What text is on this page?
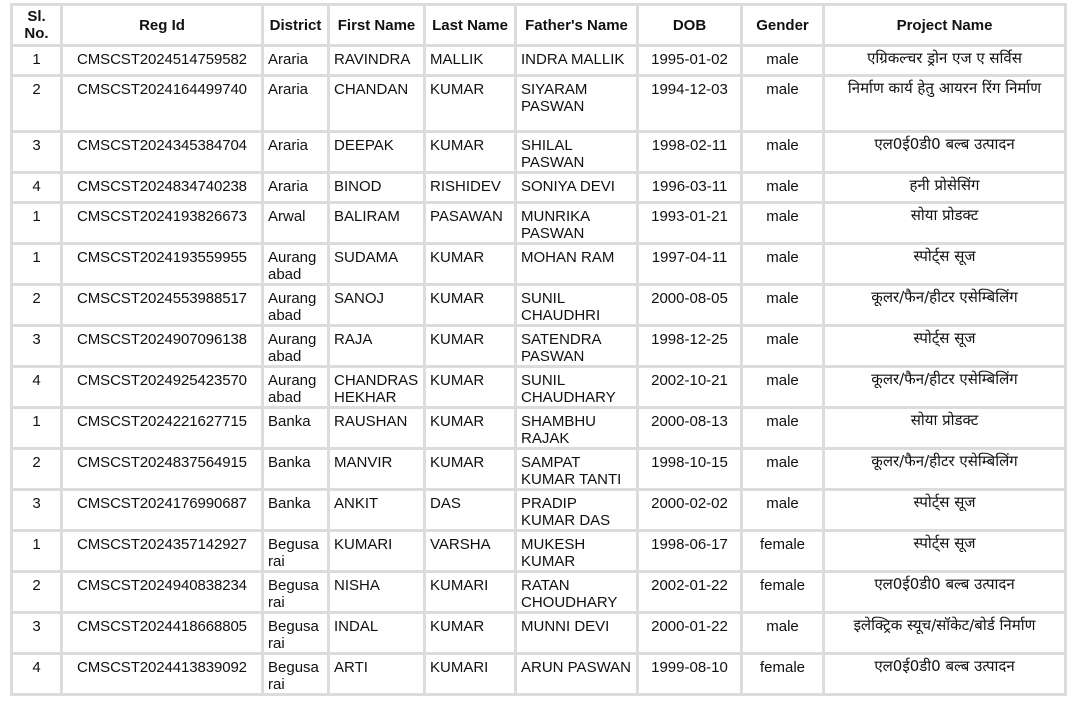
Sl. No.	Reg Id	District	First Name	Last Name	Father's Name	DOB	Gender	Project Name
1	CMSCST2024514759582	Araria	RAVINDRA	MALLIK	INDRA MALLIK	1995-01-02	male	एग्रिकल्चर ड्रोन एज ए सर्विस
2	CMSCST2024164499740	Araria	CHANDAN	KUMAR	SIYARAM PASWAN	1994-12-03	male	निर्माण कार्य हेतु आयरन रिंग निर्माण
3	CMSCST2024345384704	Araria	DEEPAK	KUMAR	SHILAL PASWAN	1998-02-11	male	एल0ई0डी0 बल्ब उत्पादन
4	CMSCST2024834740238	Araria	BINOD	RISHIDEV	SONIYA DEVI	1996-03-11	male	हनी प्रोसेसिंग
1	CMSCST2024193826673	Arwal	BALIRAM	PASAWAN	MUNRIKA PASWAN	1993-01-21	male	सोया प्रोडक्ट
1	CMSCST2024193559955	Aurangabad	SUDAMA	KUMAR	MOHAN RAM	1997-04-11	male	स्पोर्ट्स सूज
2	CMSCST2024553988517	Aurangabad	SANOJ	KUMAR	SUNIL CHAUDHRI	2000-08-05	male	कूलर/फैन/हीटर एसेम्बिलिंग
3	CMSCST2024907096138	Aurangabad	RAJA	KUMAR	SATENDRA PASWAN	1998-12-25	male	स्पोर्ट्स सूज
4	CMSCST2024925423570	Aurangabad	CHANDRASHEKHAR	KUMAR	SUNIL CHAUDHARY	2002-10-21	male	कूलर/फैन/हीटर एसेम्बिलिंग
1	CMSCST2024221627715	Banka	RAUSHAN	KUMAR	SHAMBHU RAJAK	2000-08-13	male	सोया प्रोडक्ट
2	CMSCST2024837564915	Banka	MANVIR	KUMAR	SAMPAT KUMAR TANTI	1998-10-15	male	कूलर/फैन/हीटर एसेम्बिलिंग
3	CMSCST2024176990687	Banka	ANKIT	DAS	PRADIP KUMAR DAS	2000-02-02	male	स्पोर्ट्स सूज
1	CMSCST2024357142927	Begusarai	KUMARI	VARSHA	MUKESH KUMAR	1998-06-17	female	स्पोर्ट्स सूज
2	CMSCST2024940838234	Begusarai	NISHA	KUMARI	RATAN CHOUDHARY	2002-01-22	female	एल0ई0डी0 बल्ब उत्पादन
3	CMSCST2024418668805	Begusarai	INDAL	KUMAR	MUNNI DEVI	2000-01-22	male	इलेक्ट्रिक स्यूच/सॉकेट/बोर्ड निर्माण
4	CMSCST2024413839092	Begusarai	ARTI	KUMARI	ARUN PASWAN	1999-08-10	female	एल0ई0डी0 बल्ब उत्पादन
